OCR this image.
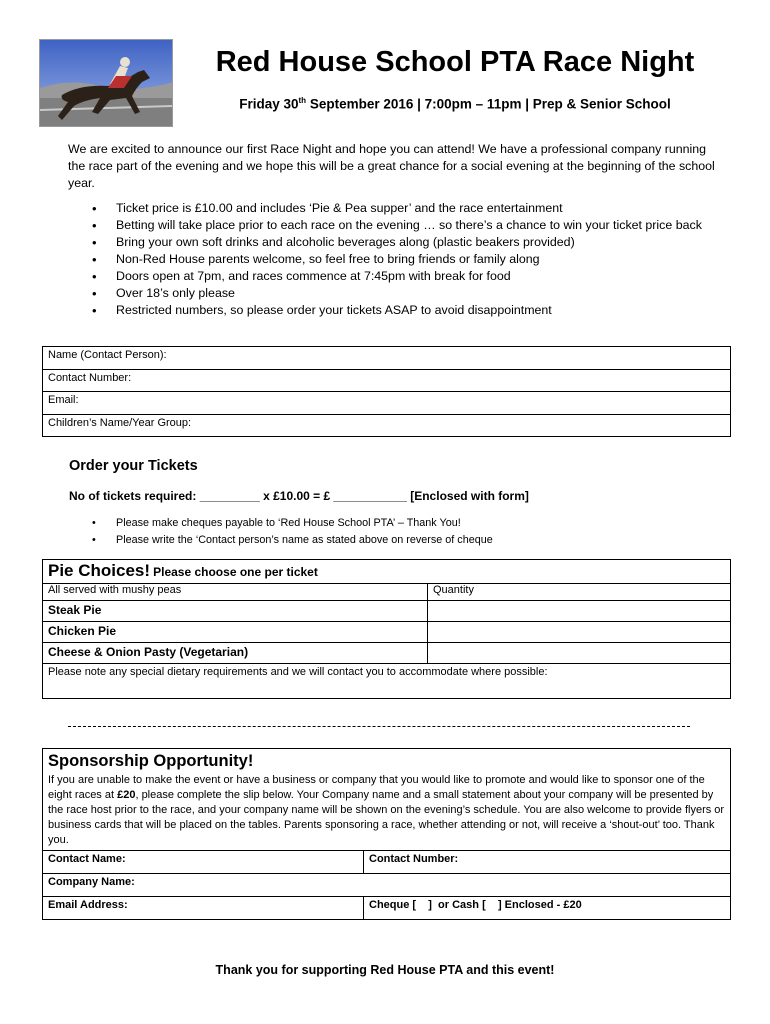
Red House School PTA Race Night
Friday 30th September 2016 | 7:00pm – 11pm | Prep & Senior School
We are excited to announce our first Race Night and hope you can attend! We have a professional company running the race part of the evening and we hope this will be a great chance for a social evening at the beginning of the school year.
• Ticket price is £10.00 and includes ‘Pie & Pea supper’ and the race entertainment
• Betting will take place prior to each race on the evening … so there’s a chance to win your ticket price back
• Bring your own soft drinks and alcoholic beverages along (plastic beakers provided)
• Non-Red House parents welcome, so feel free to bring friends or family along
• Doors open at 7pm, and races commence at 7:45pm with break for food
• Over 18’s only please
• Restricted numbers, so please order your tickets ASAP to avoid disappointment
Name (Contact Person):
Contact Number:
Email:
Children’s Name/Year Group:
Order your Tickets
No of tickets required: _________ x £10.00 = £ ___________ [Enclosed with form]
• Please make cheques payable to ‘Red House School PTA’ – Thank You!
• Please write the ‘Contact person’s name as stated above on reverse of cheque
Pie Choices! Please choose one per ticket	
All served with mushy peas	Quantity
Steak Pie	
Chicken Pie	
Cheese & Onion Pasty (Vegetarian)	
Please note any special dietary requirements and we will contact you to accommodate where possible:	
Sponsorship Opportunity!	
If you are unable to make the event or have a business or company that you would like to promote and would like to sponsor one of the eight races at £20, please complete the slip below. Your Company name and a small statement about your company will be presented by the race host prior to the race, and your company name will be shown on the evening’s schedule. You are also welcome to provide flyers or business cards that will be placed on the tables. Parents sponsoring a race, whether attending or not, will receive a ‘shout-out’ too. Thank you.	
Contact Name:	Contact Number:
Company Name:	
Email Address:	Cheque [    ]  or Cash [    ] Enclosed - £20
Thank you for supporting Red House PTA and this event!
